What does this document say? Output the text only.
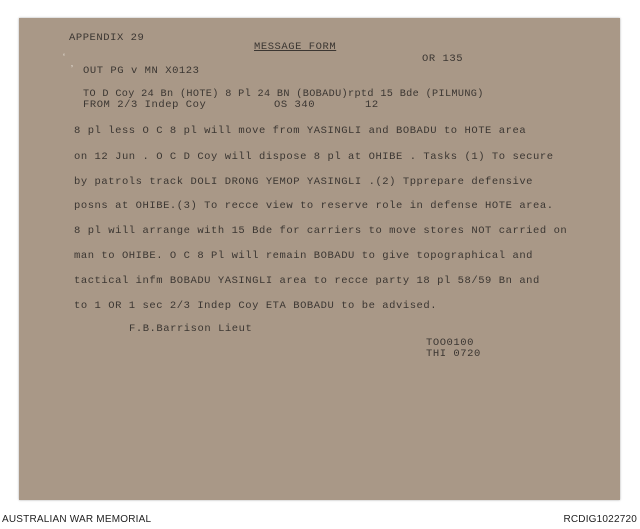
APPENDIX 29
MESSAGE FORM
OR 135
ʻ
ʼ OUT PG v MN X0123
TO D Coy 24 Bn (HOTE) 8 Pl 24 BN (BOBADU)rptd 15 Bde (PILMUNG)
FROM 2/3 Indep Coy	OS 340	12
8 pl less O C 8 pl will move from YASINGLI and BOBADU to HOTE area
on 12 Jun . O C D Coy will dispose 8 pl at OHIBE . Tasks (1) To secure
by patrols track DOLI DRONG YEMOP YASINGLI .(2) Tpprepare defensive
posns at OHIBE.(3) To recce view to reserve role in defense HOTE area.
8 pl will arrange with 15 Bde for carriers to move stores NOT carried on
man to OHIBE. O C 8 Pl will remain BOBADU to give topographical and
tactical infm BOBADU YASINGLI area to recce party 18 pl 58/59 Bn and
to 1 OR 1 sec 2/3 Indep Coy ETA BOBADU to be advised.
F.B.Barrison Lieut
TOO0100
THI 0720
AUSTRALIAN WAR MEMORIAL	RCDIG1022720
